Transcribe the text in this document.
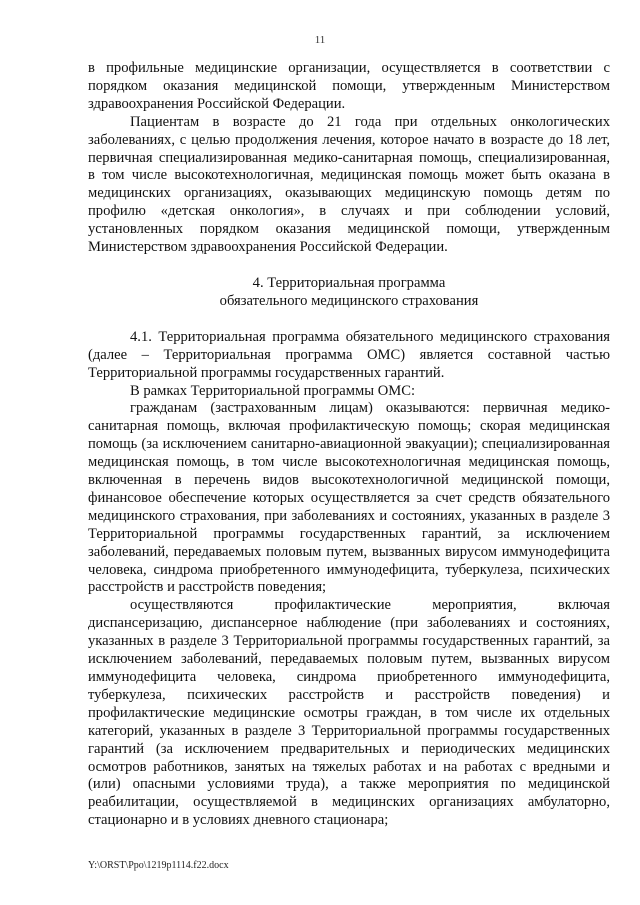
11

в профильные медицинские организации, осуществляется в соответствии с порядком оказания медицинской помощи, утвержденным Министерством здравоохранения Российской Федерации.

Пациентам в возрасте до 21 года при отдельных онкологических заболеваниях, с целью продолжения лечения, которое начато в возрасте до 18 лет, первичная специализированная медико-санитарная помощь, специализированная, в том числе высокотехнологичная, медицинская помощь может быть оказана в медицинских организациях, оказывающих медицинскую помощь детям по профилю «детская онкология», в случаях и при соблюдении условий, установленных порядком оказания медицинской помощи, утвержденным Министерством здравоохранения Российской Федерации.

4. Территориальная программа
обязательного медицинского страхования

4.1. Территориальная программа обязательного медицинского страхования (далее – Территориальная программа ОМС) является составной частью Территориальной программы государственных гарантий.

В рамках Территориальной программы ОМС:

гражданам (застрахованным лицам) оказываются: первичная медико-санитарная помощь, включая профилактическую помощь; скорая медицинская помощь (за исключением санитарно-авиационной эвакуации); специализированная медицинская помощь, в том числе высокотехнологичная медицинская помощь, включенная в перечень видов высокотехнологичной медицинской помощи, финансовое обеспечение которых осуществляется за счет средств обязательного медицинского страхования, при заболеваниях и состояниях, указанных в разделе 3 Территориальной программы государственных гарантий, за исключением заболеваний, передаваемых половым путем, вызванных вирусом иммунодефицита человека, синдрома приобретенного иммунодефицита, туберкулеза, психических расстройств и расстройств поведения;

осуществляются профилактические мероприятия, включая диспансеризацию, диспансерное наблюдение (при заболеваниях и состояниях, указанных в разделе 3 Территориальной программы государственных гарантий, за исключением заболеваний, передаваемых половым путем, вызванных вирусом иммунодефицита человека, синдрома приобретенного иммунодефицита, туберкулеза, психических расстройств и расстройств поведения) и профилактические медицинские осмотры граждан, в том числе их отдельных категорий, указанных в разделе 3 Территориальной программы государственных гарантий (за исключением предварительных и периодических медицинских осмотров работников, занятых на тяжелых работах и на работах с вредными и (или) опасными условиями труда), а также мероприятия по медицинской реабилитации, осуществляемой в медицинских организациях амбулаторно, стационарно и в условиях дневного стационара;

Y:\ORST\Ppo\1219p1114.f22.docx
